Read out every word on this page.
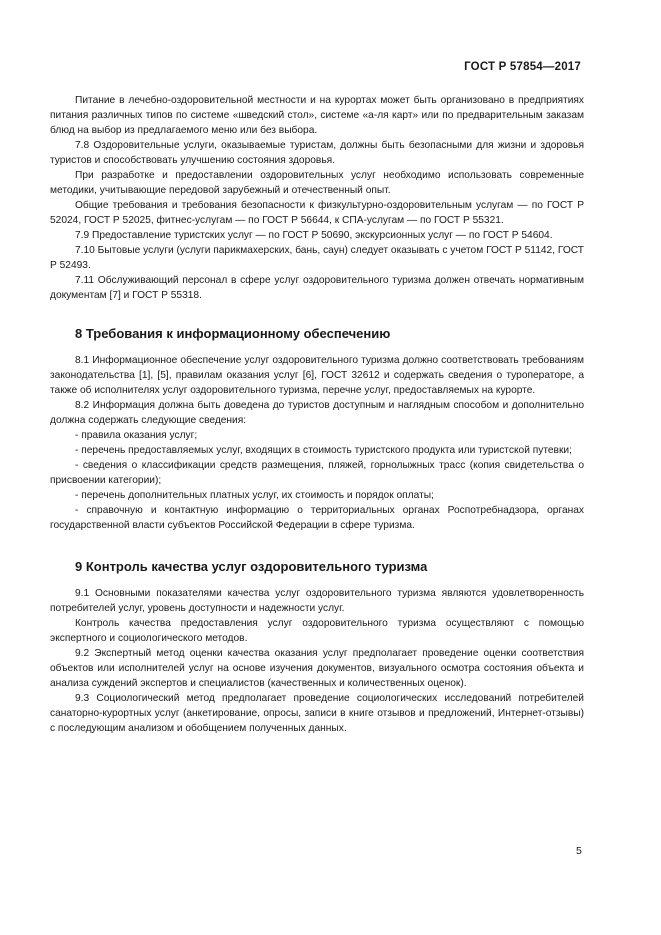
ГОСТ Р 57854—2017

Питание в лечебно-оздоровительной местности и на курортах может быть организовано в предприятиях питания различных типов по системе «шведский стол», системе «а-ля карт» или по предварительным заказам блюд на выбор из предлагаемого меню или без выбора.

7.8 Оздоровительные услуги, оказываемые туристам, должны быть безопасными для жизни и здоровья туристов и способствовать улучшению состояния здоровья.

При разработке и предоставлении оздоровительных услуг необходимо использовать современные методики, учитывающие передовой зарубежный и отечественный опыт.

Общие требования и требования безопасности к физкультурно-оздоровительным услугам — по ГОСТ Р 52024, ГОСТ Р 52025, фитнес-услугам — по ГОСТ Р 56644, к СПА-услугам — по ГОСТ Р 55321.

7.9 Предоставление туристских услуг — по ГОСТ Р 50690, экскурсионных услуг — по ГОСТ Р 54604.

7.10 Бытовые услуги (услуги парикмахерских, бань, саун) следует оказывать с учетом ГОСТ Р 51142, ГОСТ Р 52493.

7.11 Обслуживающий персонал в сфере услуг оздоровительного туризма должен отвечать нормативным документам [7] и ГОСТ Р 55318.

8 Требования к информационному обеспечению

8.1 Информационное обеспечение услуг оздоровительного туризма должно соответствовать требованиям законодательства [1], [5], правилам оказания услуг [6], ГОСТ 32612 и содержать сведения о туроператоре, а также об исполнителях услуг оздоровительного туризма, перечне услуг, предоставляемых на курорте.

8.2 Информация должна быть доведена до туристов доступным и наглядным способом и дополнительно должна содержать следующие сведения:

- правила оказания услуг;

- перечень предоставляемых услуг, входящих в стоимость туристского продукта или туристской путевки;

- сведения о классификации средств размещения, пляжей, горнолыжных трасс (копия свидетельства о присвоении категории);

- перечень дополнительных платных услуг, их стоимость и порядок оплаты;

- справочную и контактную информацию о территориальных органах Роспотребнадзора, органах государственной власти субъектов Российской Федерации в сфере туризма.

9 Контроль качества услуг оздоровительного туризма

9.1 Основными показателями качества услуг оздоровительного туризма являются удовлетворенность потребителей услуг, уровень доступности и надежности услуг.

Контроль качества предоставления услуг оздоровительного туризма осуществляют с помощью экспертного и социологического методов.

9.2 Экспертный метод оценки качества оказания услуг предполагает проведение оценки соответствия объектов или исполнителей услуг на основе изучения документов, визуального осмотра состояния объекта и анализа суждений экспертов и специалистов (качественных и количественных оценок).

9.3 Социологический метод предполагает проведение социологических исследований потребителей санаторно-курортных услуг (анкетирование, опросы, записи в книге отзывов и предложений, Интернет-отзывы) с последующим анализом и обобщением полученных данных.

5
